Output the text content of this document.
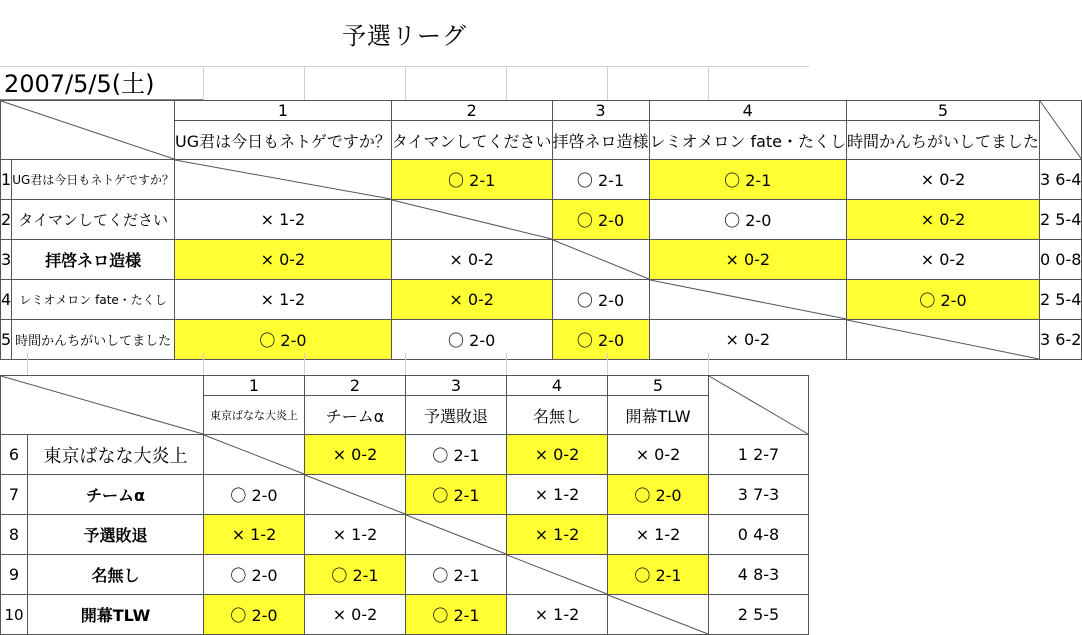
予選リーグ
2007/5/5(土)
	1	2	3	4	5	

		UG君は今日もネトゲですか？	タイマンしてください	拝啓ネロ造様	レミオメロン fate・たくし	時間かんちがいしてました	
1	UG君は今日もネトゲですか？		〇 2-1	〇 2-1	〇 2-1	× 0-2	3 6-4
2	タイマンしてください	× 1-2		〇 2-0	〇 2-0	× 0-2	2 5-4
3	拝啓ネロ造様	× 0-2	× 0-2		× 0-2	× 0-2	0 0-8
4	レミオメロン fate・たくし	× 1-2	× 0-2	〇 2-0		〇 2-0	2 5-4
5	時間かんちがいしてました	〇 2-0	〇 2-0	〇 2-0	× 0-2		3 6-2
	1	2	3	4	5	

		東京ばなな大炎上	チームα	予選敗退	名無し	開幕TLW	
6	東京ばなな大炎上		× 0-2	〇 2-1	× 0-2	× 0-2	1 2-7
7	チームα	〇 2-0		〇 2-1	× 1-2	〇 2-0	3 7-3
8	予選敗退	× 1-2	× 1-2		× 1-2	× 1-2	0 4-8
9	名無し	〇 2-0	〇 2-1	〇 2-1		〇 2-1	4 8-3
10	開幕TLW	〇 2-0	× 0-2	〇 2-1	× 1-2		2 5-5
